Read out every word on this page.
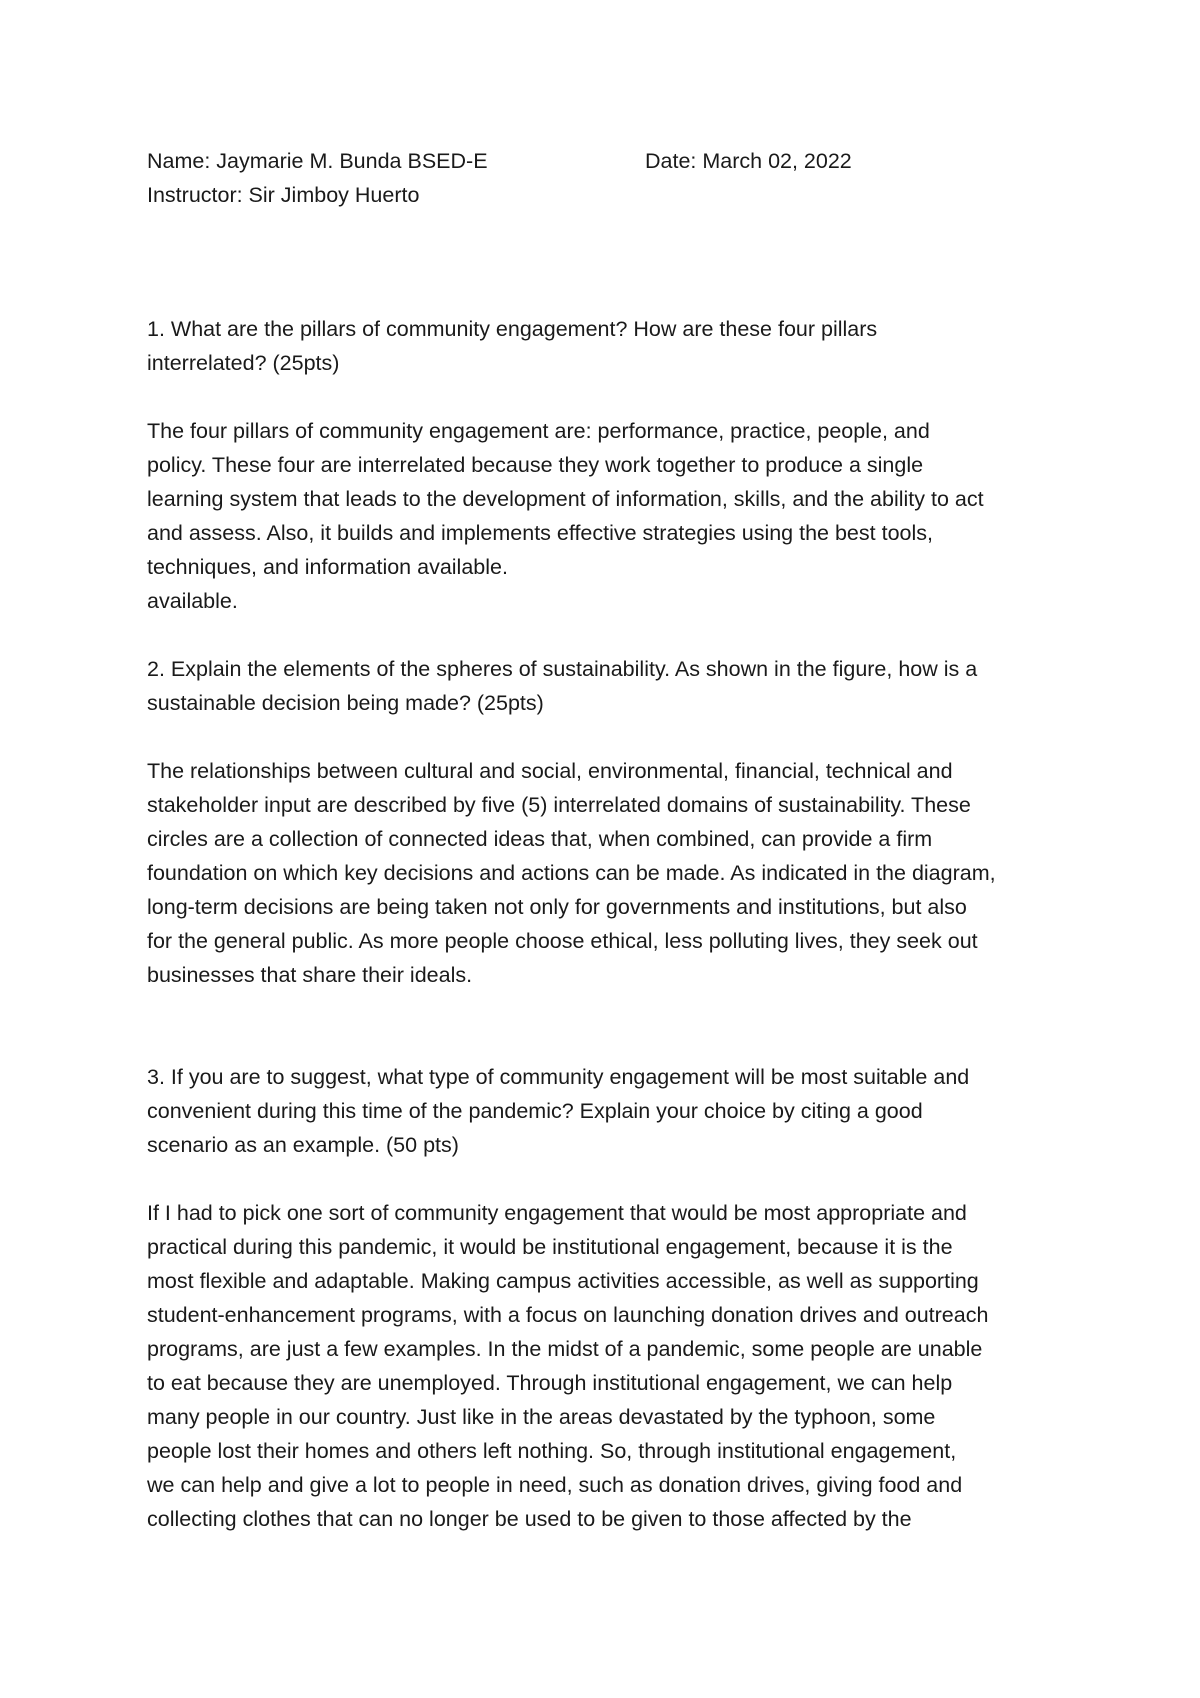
Name: Jaymarie M. Bunda BSED-E	Date: March 02, 2022
Instructor: Sir Jimboy Huerto
1. What are the pillars of community engagement? How are these four pillars
interrelated? (25pts)
The four pillars of community engagement are: performance, practice, people, and
policy. These four are interrelated because they work together to produce a single
learning system that leads to the development of information, skills, and the ability to act
and assess. Also, it builds and implements effective strategies using the best tools,
techniques, and information available.
available.
2. Explain the elements of the spheres of sustainability. As shown in the figure, how is a
sustainable decision being made? (25pts)
The relationships between cultural and social, environmental, financial, technical and
stakeholder input are described by five (5) interrelated domains of sustainability. These
circles are a collection of connected ideas that, when combined, can provide a firm
foundation on which key decisions and actions can be made. As indicated in the diagram,
long-term decisions are being taken not only for governments and institutions, but also
for the general public. As more people choose ethical, less polluting lives, they seek out
businesses that share their ideals.
3. If you are to suggest, what type of community engagement will be most suitable and
convenient during this time of the pandemic? Explain your choice by citing a good
scenario as an example. (50 pts)
If I had to pick one sort of community engagement that would be most appropriate and
practical during this pandemic, it would be institutional engagement, because it is the
most flexible and adaptable. Making campus activities accessible, as well as supporting
student-enhancement programs, with a focus on launching donation drives and outreach
programs, are just a few examples. In the midst of a pandemic, some people are unable
to eat because they are unemployed. Through institutional engagement, we can help
many people in our country. Just like in the areas devastated by the typhoon, some
people lost their homes and others left nothing. So, through institutional engagement,
we can help and give a lot to people in need, such as donation drives, giving food and
collecting clothes that can no longer be used to be given to those affected by the
